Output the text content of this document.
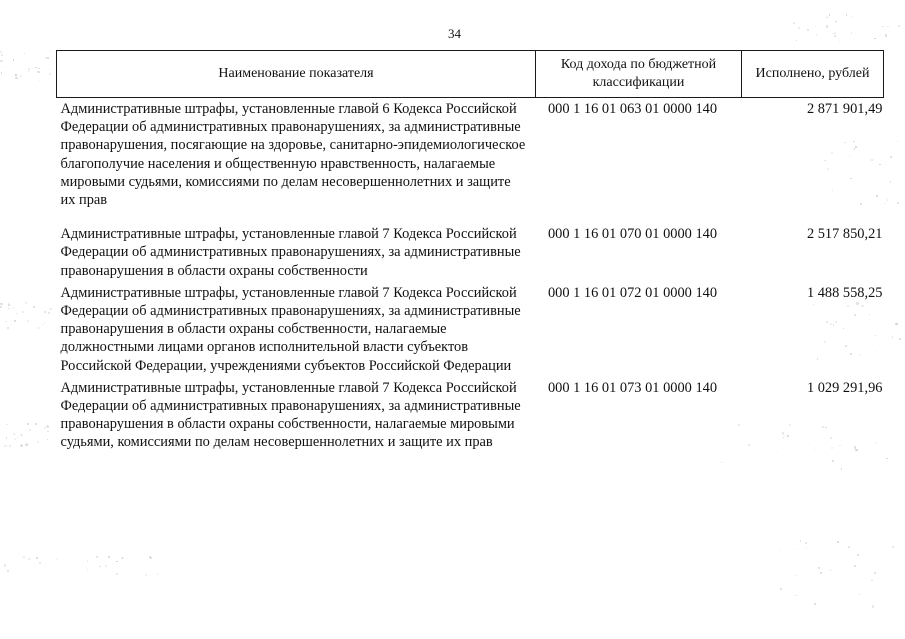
34
Наименование показателя	Код дохода по бюджетной классификации	Исполнено, рублей
Административные штрафы, установленные главой 6 Кодекса Российской Федерации об административных правонарушениях, за административные правонарушения, посягающие на здоровье, санитарно-эпидемиологическое благополучие населения и общественную нравственность, налагаемые мировыми судьями, комиссиями по делам несовершеннолетних и защите их прав	000 1 16 01 063 01 0000 140	2 871 901,49
Административные штрафы, установленные главой 7 Кодекса Российской Федерации об административных правонарушениях, за административные правонарушения в области охраны собственности	000 1 16 01 070 01 0000 140	2 517 850,21
Административные штрафы, установленные главой 7 Кодекса Российской Федерации об административных правонарушениях, за административные правонарушения в области охраны собственности, налагаемые должностными лицами органов исполнительной власти субъектов Российской Федерации, учреждениями субъектов Российской Федерации	000 1 16 01 072 01 0000 140	1 488 558,25
Административные штрафы, установленные главой 7 Кодекса Российской Федерации об административных правонарушениях, за административные правонарушения в области охраны собственности, налагаемые мировыми судьями, комиссиями по делам несовершеннолетних и защите их прав	000 1 16 01 073 01 0000 140	1 029 291,96
